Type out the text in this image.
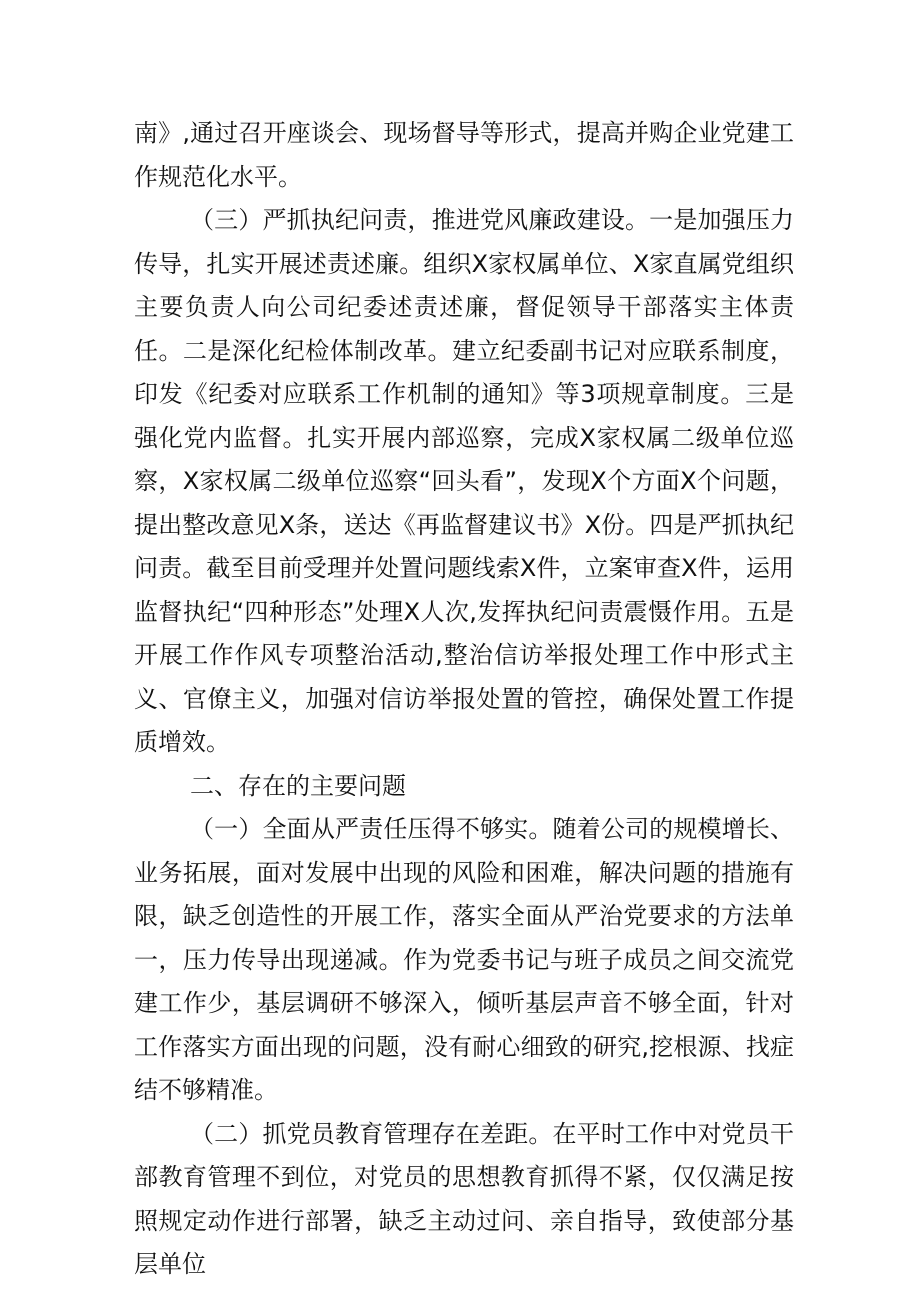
南》,通过召开座谈会、现场督导等形式，提高并购企业党建工作规范化水平。

（三）严抓执纪问责，推进党风廉政建设。一是加强压力传导，扎实开展述责述廉。组织X家权属单位、X家直属党组织主要负责人向公司纪委述责述廉，督促领导干部落实主体责任。二是深化纪检体制改革。建立纪委副书记对应联系制度，印发《纪委对应联系工作机制的通知》等3项规章制度。三是强化党内监督。扎实开展内部巡察，完成X家权属二级单位巡察，X家权属二级单位巡察“回头看”，发现X个方面X个问题，提出整改意见X条，送达《再监督建议书》X份。四是严抓执纪问责。截至目前受理并处置问题线索X件，立案审查X件，运用监督执纪“四种形态”处理X人次,发挥执纪问责震慑作用。五是开展工作作风专项整治活动,整治信访举报处理工作中形式主义、官僚主义，加强对信访举报处置的管控，确保处置工作提质增效。

二、存在的主要问题

（一）全面从严责任压得不够实。随着公司的规模增长、业务拓展，面对发展中出现的风险和困难，解决问题的措施有限，缺乏创造性的开展工作，落实全面从严治党要求的方法单一，压力传导出现递减。作为党委书记与班子成员之间交流党建工作少，基层调研不够深入，倾听基层声音不够全面，针对工作落实方面出现的问题，没有耐心细致的研究,挖根源、找症结不够精准。

（二）抓党员教育管理存在差距。在平时工作中对党员干部教育管理不到位，对党员的思想教育抓得不紧，仅仅满足按照规定动作进行部署，缺乏主动过问、亲自指导，致使部分基层单位
